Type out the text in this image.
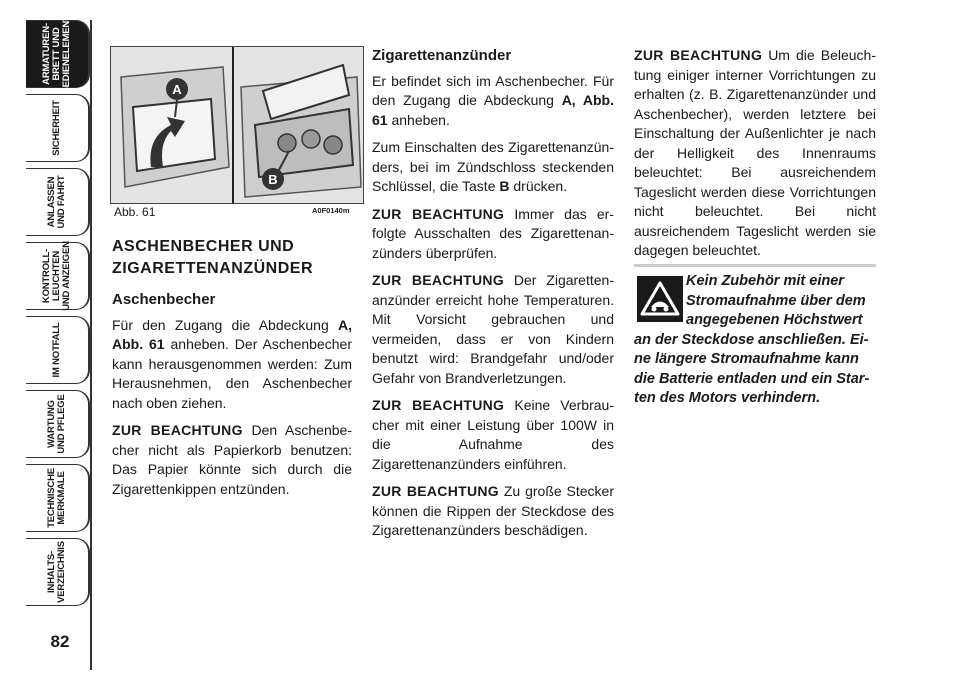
ARMATUREN-
BRETT UND
BEDIENELEMENTE
SICHERHEIT
ANLASSEN
UND FAHRT
KONTROLL-
LEUCHTEN
UND ANZEIGEN
IM NOTFALL
WARTUNG
UND PFLEGE
TECHNISCHE
MERKMALE
INHALTS-
VERZEICHNIS
82
A
B
Abb. 61	A0F0140m
ASCHENBECHER UND ZIGARETTENANZÜNDER
Aschenbecher

Für den Zugang die Abdeckung A, Abb. 61 anheben. Der Aschenbecher kann herausgenommen werden: Zum Herausnehmen, den Aschenbecher nach oben ziehen.

ZUR BEACHTUNG Den Aschenbecher nicht als Papierkorb benutzen: Das Papier könnte sich durch die Zigarettenkippen entzünden.

Zigarettenanzünder

Er befindet sich im Aschenbecher. Für den Zugang die Abdeckung A, Abb. 61 anheben.

Zum Einschalten des Zigarettenanzünders, bei im Zündschloss steckenden Schlüssel, die Taste B drücken.

ZUR BEACHTUNG Immer das erfolgte Ausschalten des Zigarettenanzünders überprüfen.

ZUR BEACHTUNG Der Zigarettenanzünder erreicht hohe Temperaturen. Mit Vorsicht gebrauchen und vermeiden, dass er von Kindern benutzt wird: Brandgefahr und/oder Gefahr von Brandverletzungen.

ZUR BEACHTUNG Keine Verbraucher mit einer Leistung über 100W in die Aufnahme des Zigarettenanzünders einführen.

ZUR BEACHTUNG Zu große Stecker können die Rippen der Steckdose des Zigarettenanzünders beschädigen.

ZUR BEACHTUNG Um die Beleuchtung einiger interner Vorrichtungen zu erhalten (z. B. Zigarettenanzünder und Aschenbecher), werden letztere bei Einschaltung der Außenlichter je nach der Helligkeit des Innenraums beleuchtet: Bei ausreichendem Tageslicht werden diese Vorrichtungen nicht beleuchtet. Bei nicht ausreichendem Tageslicht werden sie dagegen beleuchtet.

Kein Zubehör mit einer Stromaufnahme über dem angegebenen Höchstwert an der Steckdose anschließen. Eine längere Stromaufnahme kann die Batterie entladen und ein Starten des Motors verhindern.
